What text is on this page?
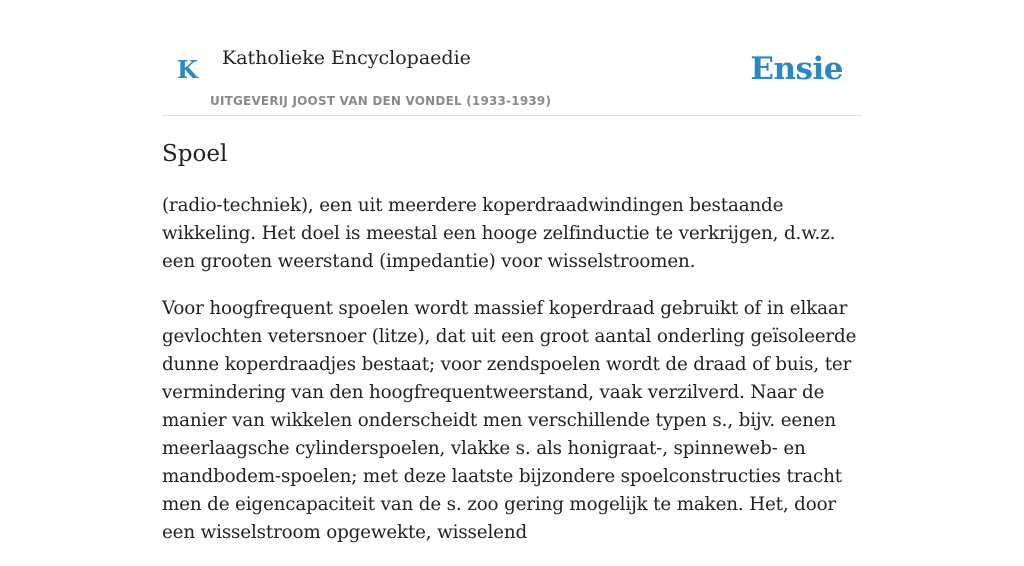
K Katholieke Encyclopaedie
UITGEVERIJ JOOST VAN DEN VONDEL (1933-1939)
Ensie
Spoel

(radio-techniek), een uit meerdere koperdraadwindingen bestaande wikkeling. Het doel is meestal een hooge zelfinductie te verkrijgen, d.w.z. een grooten weerstand (impedantie) voor wisselstroomen.

Voor hoogfrequent spoelen wordt massief koperdraad gebruikt of in elkaar gevlochten vetersnoer (litze), dat uit een groot aantal onderling geïsoleerde dunne koperdraadjes bestaat; voor zendspoelen wordt de draad of buis, ter vermindering van den hoogfrequentweerstand, vaak verzilverd. Naar de manier van wikkelen onderscheidt men verschillende typen s., bijv. eenen meerlaagsche cylinderspoelen, vlakke s. als honigraat-, spinneweb- en mandbodem-spoelen; met deze laatste bijzondere spoelconstructies tracht men de eigencapaciteit van de s. zoo gering mogelijk te maken. Het, door een wisselstroom opgewekte, wisselend
